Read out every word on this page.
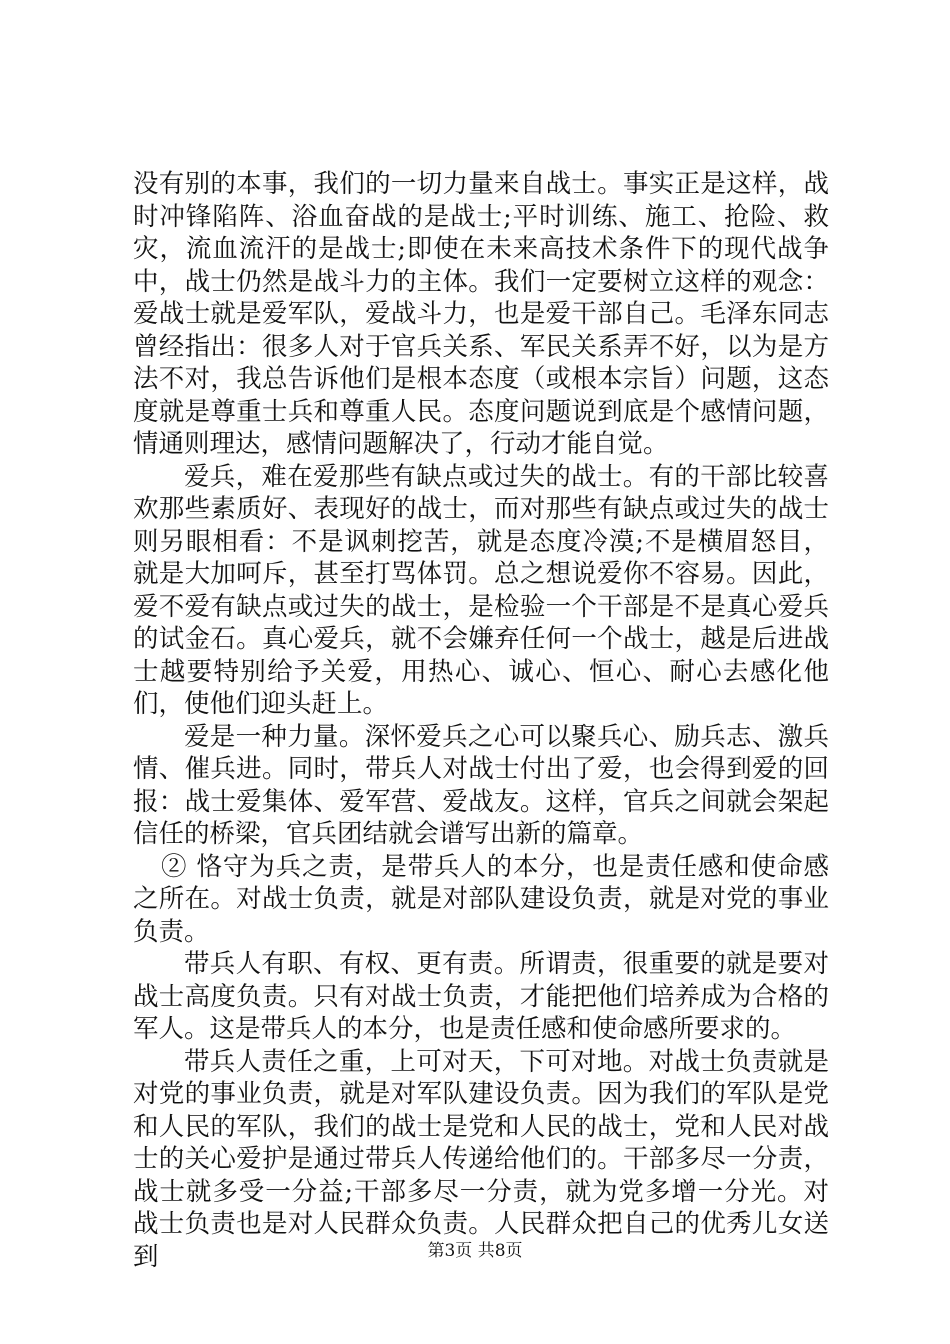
没有别的本事，我们的一切力量来自战士。事实正是这样，战时冲锋陷阵、浴血奋战的是战士;平时训练、施工、抢险、救灾，流血流汗的是战士;即使在未来高技术条件下的现代战争中，战士仍然是战斗力的主体。我们一定要树立这样的观念：爱战士就是爱军队，爱战斗力，也是爱干部自己。毛泽东同志曾经指出：很多人对于官兵关系、军民关系弄不好，以为是方法不对，我总告诉他们是根本态度（或根本宗旨）问题，这态度就是尊重士兵和尊重人民。态度问题说到底是个感情问题，情通则理达，感情问题解决了，行动才能自觉。

爱兵，难在爱那些有缺点或过失的战士。有的干部比较喜欢那些素质好、表现好的战士，而对那些有缺点或过失的战士则另眼相看：不是讽刺挖苦，就是态度冷漠;不是横眉怒目，就是大加呵斥，甚至打骂体罚。总之想说爱你不容易。因此，爱不爱有缺点或过失的战士，是检验一个干部是不是真心爱兵的试金石。真心爱兵，就不会嫌弃任何一个战士，越是后进战士越要特别给予关爱，用热心、诚心、恒心、耐心去感化他们，使他们迎头赶上。

爱是一种力量。深怀爱兵之心可以聚兵心、励兵志、激兵情、催兵进。同时，带兵人对战士付出了爱，也会得到爱的回报：战士爱集体、爱军营、爱战友。这样，官兵之间就会架起信任的桥梁，官兵团结就会谱写出新的篇章。

② 恪守为兵之责，是带兵人的本分，也是责任感和使命感之所在。对战士负责，就是对部队建设负责，就是对党的事业负责。

带兵人有职、有权、更有责。所谓责，很重要的就是要对战士高度负责。只有对战士负责，才能把他们培养成为合格的军人。这是带兵人的本分，也是责任感和使命感所要求的。

带兵人责任之重，上可对天，下可对地。对战士负责就是对党的事业负责，就是对军队建设负责。因为我们的军队是党和人民的军队，我们的战士是党和人民的战士，党和人民对战士的关心爱护是通过带兵人传递给他们的。干部多尽一分责，战士就多受一分益;干部多尽一分责，就为党多增一分光。对战士负责也是对人民群众负责。人民群众把自己的优秀儿女送到	第3页 共8页
